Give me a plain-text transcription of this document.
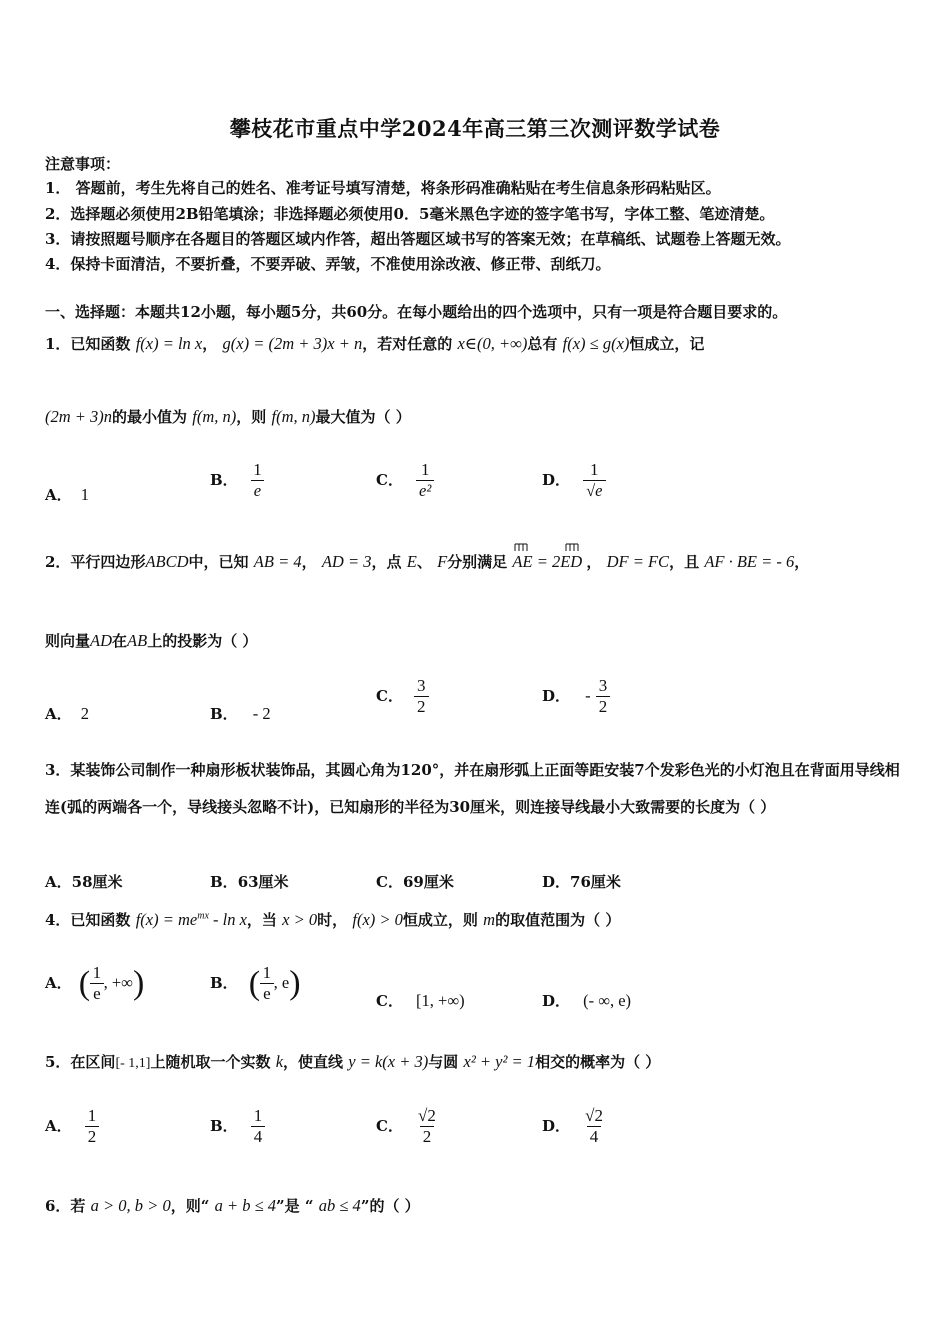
攀枝花市重点中学2024年高三第三次测评数学试卷
注意事项：
1． 答题前，考生先将自己的姓名、准考证号填写清楚，将条形码准确粘贴在考生信息条形码粘贴区。
2．选择题必须使用2B铅笔填涂；非选择题必须使用0．5毫米黑色字迹的签字笔书写，字体工整、笔迹清楚。
3．请按照题号顺序在各题目的答题区域内作答，超出答题区域书写的答案无效；在草稿纸、试题卷上答题无效。
4．保持卡面清洁，不要折叠，不要弄破、弄皱，不准使用涂改液、修正带、刮纸刀。
一、选择题：本题共12小题，每小题5分，共60分。在每小题给出的四个选项中，只有一项是符合题目要求的。
1．已知函数 f(x) = ln x， g(x) = (2m + 3)x + n，若对任意的 x∈(0, +∞)总有 f(x) ≤ g(x)恒成立，记
(2m + 3)n的最小值为 f(m, n)，则 f(m, n)最大值为（ ）
A． 1
B． $\frac{1}{e}$	C． $\frac{1}{\text{e²}}$	D． $\frac{1}{√e}$
2．平行四边形ABCD中，已知 AB = 4， AD = 3，点 E、 F分别满足 AE = 2ED ， DF = FC，且 AF · BE = - 6，
则向量AD在AB上的投影为（ ）
A． 2	B． - 2
C． $\frac{3}{2}$	D． - $\frac{3}{2}$
3．某装饰公司制作一种扇形板状装饰品，其圆心角为120°，并在扇形弧上正面等距安装7个发彩色光的小灯泡且在背面用导线相连(弧的两端各一个，导线接头忽略不计)，已知扇形的半径为30厘米，则连接导线最小大致需要的长度为（ ）
A．58厘米	B．63厘米	C．69厘米	D．76厘米
4．已知函数 $f(x) = me^{mx} - \ln x$，当 x > 0时， f(x) > 0恒成立，则 m的取值范围为（ ）
A． ( $\frac{1}{e}$ , +∞)	B． ( $\frac{1}{e}$ , e)	C． [1, +∞)	D． (- ∞, e)
5．在区间[- 1,1]上随机取一个实数 k，使直线 y = k(x + 3)与圆 x² + y² = 1相交的概率为（ ）
A． $\frac{1}{2}$	B． $\frac{1}{4}$	C． $\frac{√2}{2}$	D． $\frac{√2}{4}$
6．若 a > 0, b > 0，则“ a + b ≤ 4”是 “ ab ≤ 4”的（ ）
